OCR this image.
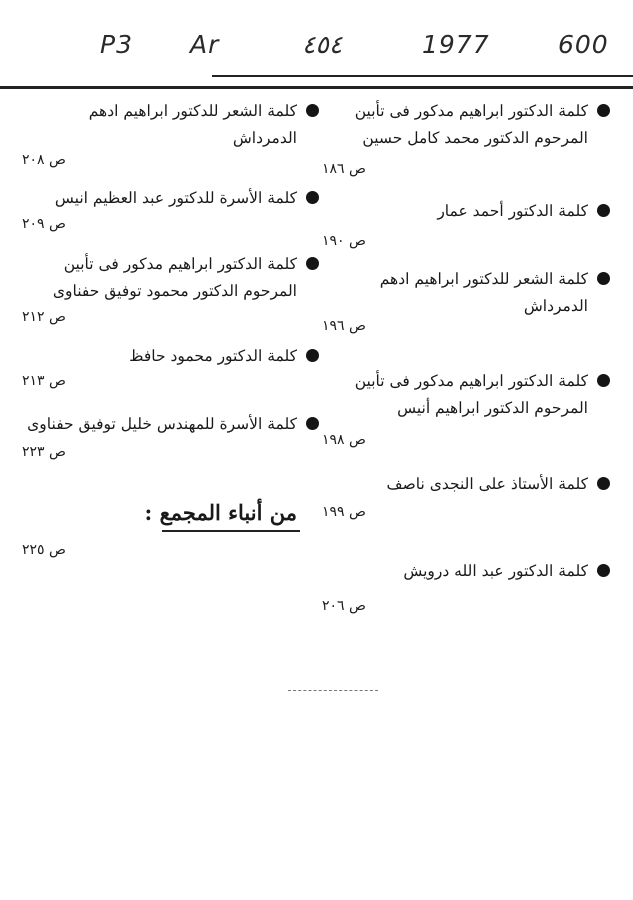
P3 Ar	٤٥٤	1977	600
كلمة الدكتور ابراهيم مدكور فى تأبين
المرحوم الدكتور محمد كامل حسين
ص ١٨٦
كلمة الدكتور أحمد عمار
ص ١٩٠
كلمة الشعر للدكتور ابراهيم ادهم
الدمرداش
ص ١٩٦
كلمة الدكتور ابراهيم مدكور فى تأبين
المرحوم الدكتور ابراهيم أنيس
ص ١٩٨
كلمة الأستاذ على النجدى ناصف
ص ١٩٩
كلمة الدكتور عبد الله درويش
ص ٢٠٦
كلمة الشعر للدكتور ابراهيم ادهم
الدمرداش
ص ٢٠٨
كلمة الأسرة للدكتور عبد العظيم انيس
ص ٢٠٩
كلمة الدكتور ابراهيم مدكور فى تأبين
المرحوم الدكتور محمود توفيق حفناوى
ص ٢١٢
كلمة الدكتور محمود حافظ
ص ٢١٣
كلمة الأسرة للمهندس خليل توفيق حفناوى
ص ٢٢٣
من أنباء المجمع :
ص ٢٢٥
